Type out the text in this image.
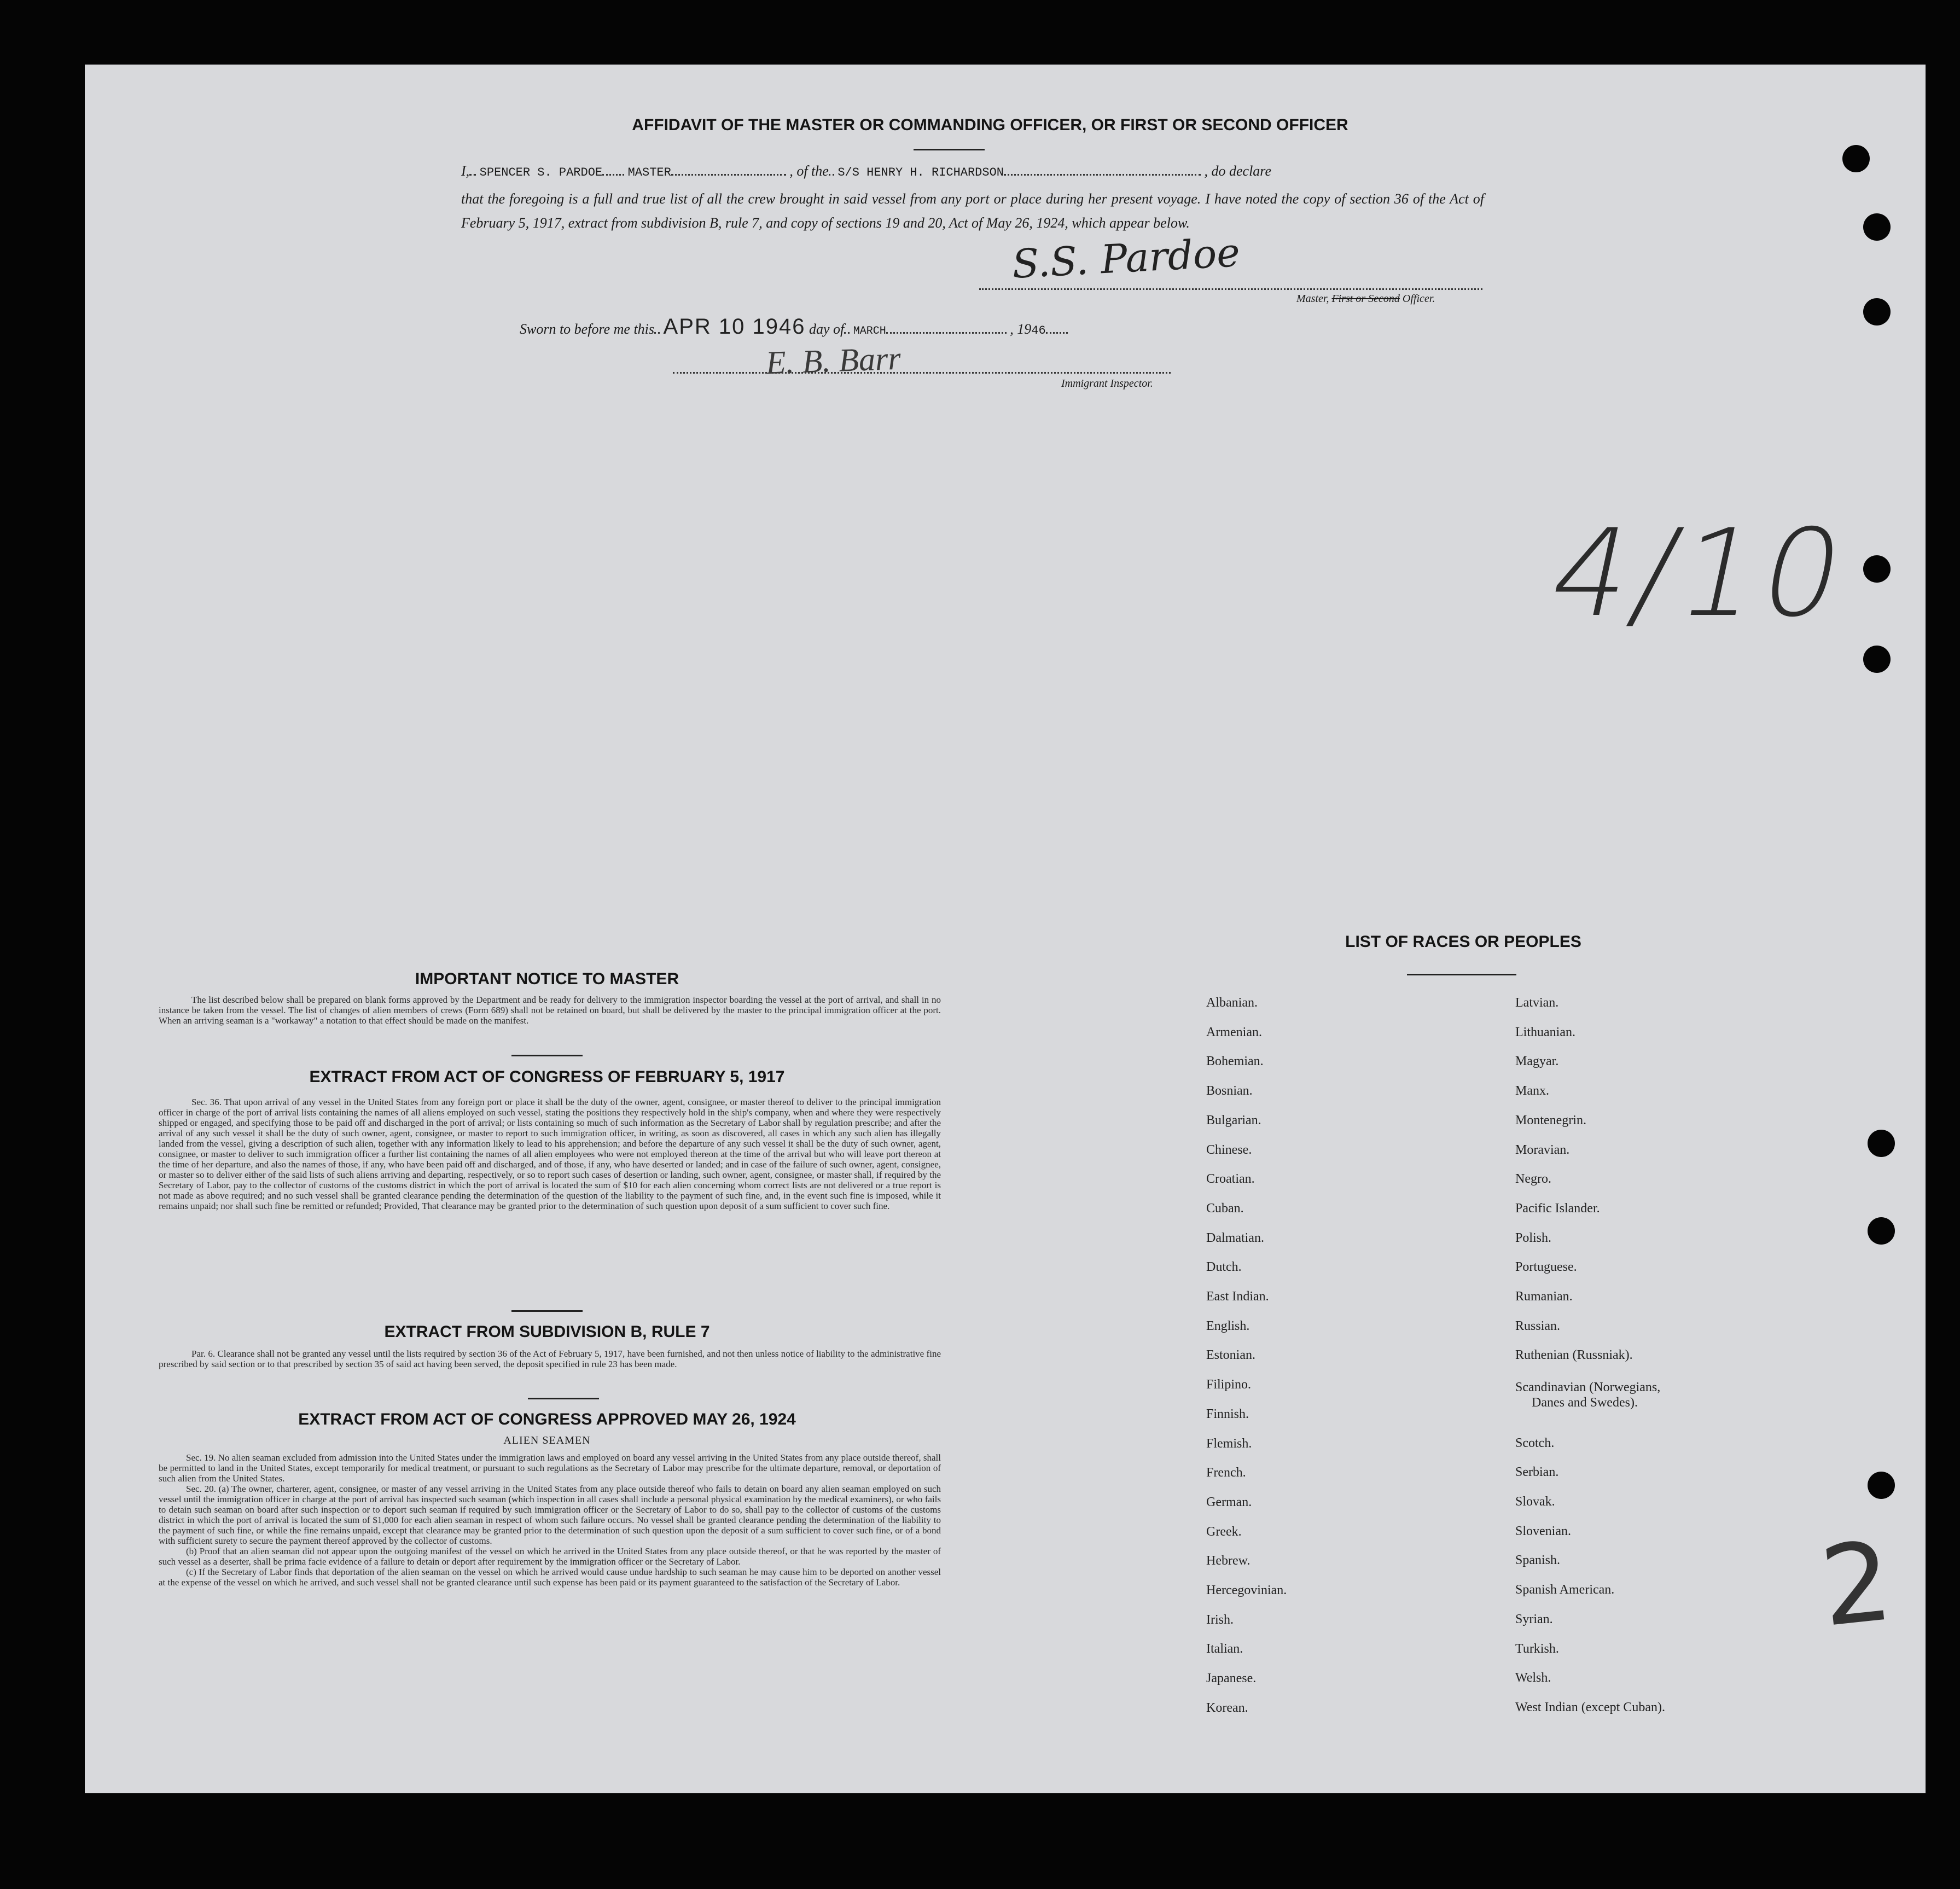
AFFIDAVIT OF THE MASTER OR COMMANDING OFFICER, OR FIRST OR SECOND OFFICER
I, SPENCER S. PARDOE MASTER	, of the S/S HENRY H. RICHARDSON	, do declare
that the foregoing is a full and true list of all the crew brought in said vessel from any port or place during her present voyage. I have noted the copy of section 36 of the Act of February 5, 1917, extract from subdivision B, rule 7, and copy of sections 19 and 20, Act of May 26, 1924, which appear below.
S.S. Pardoe
Master, First or Second Officer.
Sworn to before me this APR 10 1946 day of MARCH	, 1946
E. B. Barr
Immigrant Inspector.
4/10
2
IMPORTANT NOTICE TO MASTER
The list described below shall be prepared on blank forms approved by the Department and be ready for delivery to the immigration inspector boarding the vessel at the port of arrival, and shall in no instance be taken from the vessel. The list of changes of alien members of crews (Form 689) shall not be retained on board, but shall be delivered by the master to the principal immigration officer at the port. When an arriving seaman is a "workaway" a notation to that effect should be made on the manifest.
EXTRACT FROM ACT OF CONGRESS OF FEBRUARY 5, 1917
Sec. 36. That upon arrival of any vessel in the United States from any foreign port or place it shall be the duty of the owner, agent, consignee, or master thereof to deliver to the principal immigration officer in charge of the port of arrival lists containing the names of all aliens employed on such vessel, stating the positions they respectively hold in the ship's company, when and where they were respectively shipped or engaged, and specifying those to be paid off and discharged in the port of arrival; or lists containing so much of such information as the Secretary of Labor shall by regulation prescribe; and after the arrival of any such vessel it shall be the duty of such owner, agent, consignee, or master to report to such immigration officer, in writing, as soon as discovered, all cases in which any such alien has illegally landed from the vessel, giving a description of such alien, together with any information likely to lead to his apprehension; and before the departure of any such vessel it shall be the duty of such owner, agent, consignee, or master to deliver to such immigration officer a further list containing the names of all alien employees who were not employed thereon at the time of the arrival but who will leave port thereon at the time of her departure, and also the names of those, if any, who have been paid off and discharged, and of those, if any, who have deserted or landed; and in case of the failure of such owner, agent, consignee, or master so to deliver either of the said lists of such aliens arriving and departing, respectively, or so to report such cases of desertion or landing, such owner, agent, consignee, or master shall, if required by the Secretary of Labor, pay to the collector of customs of the customs district in which the port of arrival is located the sum of $10 for each alien concerning whom correct lists are not delivered or a true report is not made as above required; and no such vessel shall be granted clearance pending the determination of the question of the liability to the payment of such fine, and, in the event such fine is imposed, while it remains unpaid; nor shall such fine be remitted or refunded; Provided, That clearance may be granted prior to the determination of such question upon deposit of a sum sufficient to cover such fine.
EXTRACT FROM SUBDIVISION B, RULE 7
Par. 6. Clearance shall not be granted any vessel until the lists required by section 36 of the Act of February 5, 1917, have been furnished, and not then unless notice of liability to the administrative fine prescribed by said section or to that prescribed by section 35 of said act having been served, the deposit specified in rule 23 has been made.
EXTRACT FROM ACT OF CONGRESS APPROVED MAY 26, 1924
ALIEN SEAMEN

Sec. 19. No alien seaman excluded from admission into the United States under the immigration laws and employed on board any vessel arriving in the United States from any place outside thereof, shall be permitted to land in the United States, except temporarily for medical treatment, or pursuant to such regulations as the Secretary of Labor may prescribe for the ultimate departure, removal, or deportation of such alien from the United States.

Sec. 20. (a) The owner, charterer, agent, consignee, or master of any vessel arriving in the United States from any place outside thereof who fails to detain on board any alien seaman employed on such vessel until the immigration officer in charge at the port of arrival has inspected such seaman (which inspection in all cases shall include a personal physical examination by the medical examiners), or who fails to detain such seaman on board after such inspection or to deport such seaman if required by such immigration officer or the Secretary of Labor to do so, shall pay to the collector of customs of the customs district in which the port of arrival is located the sum of $1,000 for each alien seaman in respect of whom such failure occurs. No vessel shall be granted clearance pending the determination of the liability to the payment of such fine, or while the fine remains unpaid, except that clearance may be granted prior to the determination of such question upon the deposit of a sum sufficient to cover such fine, or of a bond with sufficient surety to secure the payment thereof approved by the collector of customs.

(b) Proof that an alien seaman did not appear upon the outgoing manifest of the vessel on which he arrived in the United States from any place outside thereof, or that he was reported by the master of such vessel as a deserter, shall be prima facie evidence of a failure to detain or deport after requirement by the immigration officer or the Secretary of Labor.

(c) If the Secretary of Labor finds that deportation of the alien seaman on the vessel on which he arrived would cause undue hardship to such seaman he may cause him to be deported on another vessel at the expense of the vessel on which he arrived, and such vessel shall not be granted clearance until such expense has been paid or its payment guaranteed to the satisfaction of the Secretary of Labor.

LIST OF RACES OR PEOPLES
Albanian.
Armenian.
Bohemian.
Bosnian.
Bulgarian.
Chinese.
Croatian.
Cuban.
Dalmatian.
Dutch.
East Indian.
English.
Estonian.
Filipino.
Finnish.
Flemish.
French.
German.
Greek.
Hebrew.
Hercegovinian.
Irish.
Italian.
Japanese.
Korean.
Latvian.
Lithuanian.
Magyar.
Manx.
Montenegrin.
Moravian.
Negro.
Pacific Islander.
Polish.
Portuguese.
Rumanian.
Russian.
Ruthenian (Russniak).
Scandinavian (Norwegians,
Danes and Swedes).
Scotch.
Serbian.
Slovak.
Slovenian.
Spanish.
Spanish American.
Syrian.
Turkish.
Welsh.
West Indian (except Cuban).
